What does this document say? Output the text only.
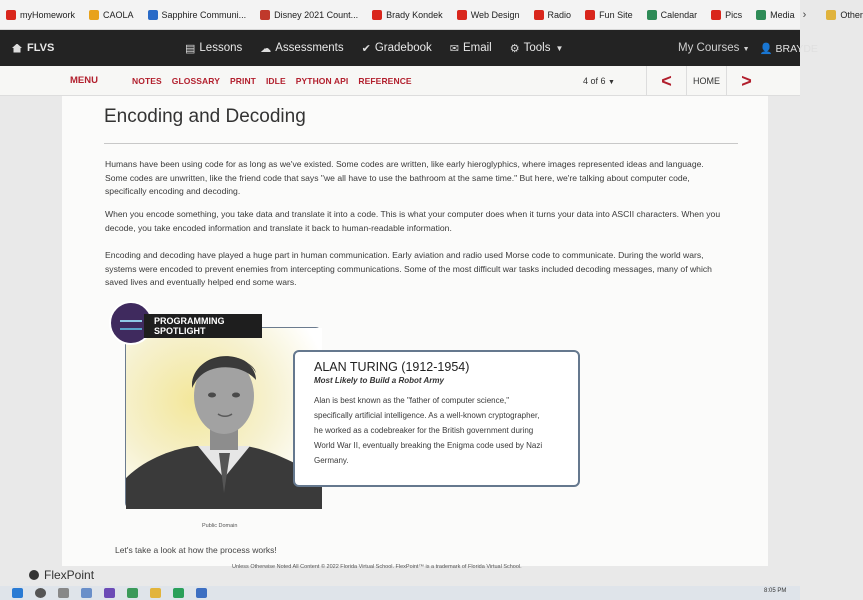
myHomework	CAOLA	Sapphire Communi...	Disney 2021 Count...	Brady Kondek	Web Design	Radio	Fun Site	Calendar	Pics	Media ›	Other
FLVS	▤ Lessons ☁ Assessments ✔ Gradebook ✉ Email ⚙ Tools ▼	My Courses ▼ 👤 BRAYDE
MENU	NOTES GLOSSARY PRINT IDLE PYTHON API REFERENCE	4 of 6 ▼	< HOME >
Encoding and Decoding

Humans have been using code for as long as we've existed. Some codes are written, like early hieroglyphics, where images represented ideas and language. Some codes are unwritten, like the friend code that says "we all have to use the bathroom at the same time." But here, we're talking about computer code, specifically encoding and decoding.

When you encode something, you take data and translate it into a code. This is what your computer does when it turns your data into ASCII characters. When you decode, you take encoded information and translate it back to human-readable information.

Encoding and decoding have played a huge part in human communication. Early aviation and radio used Morse code to communicate. During the world wars, systems were encoded to prevent enemies from intercepting communications. Some of the most difficult war tasks included decoding messages, many of which saved lives and eventually helped end some wars.

PROGRAMMING
SPOTLIGHT
Public Domain
ALAN TURING (1912-1954)
Most Likely to Build a Robot Army
Alan is best known as the "father of computer science," specifically artificial intelligence. As a well-known cryptographer, he worked as a codebreaker for the British government during World War II, eventually breaking the Enigma code used by Nazi Germany.
Let's take a look at how the process works!
Unless Otherwise Noted All Content © 2022 Florida Virtual School. FlexPoint™ is a trademark of Florida Virtual School.
FlexPoint
8:05 PM
